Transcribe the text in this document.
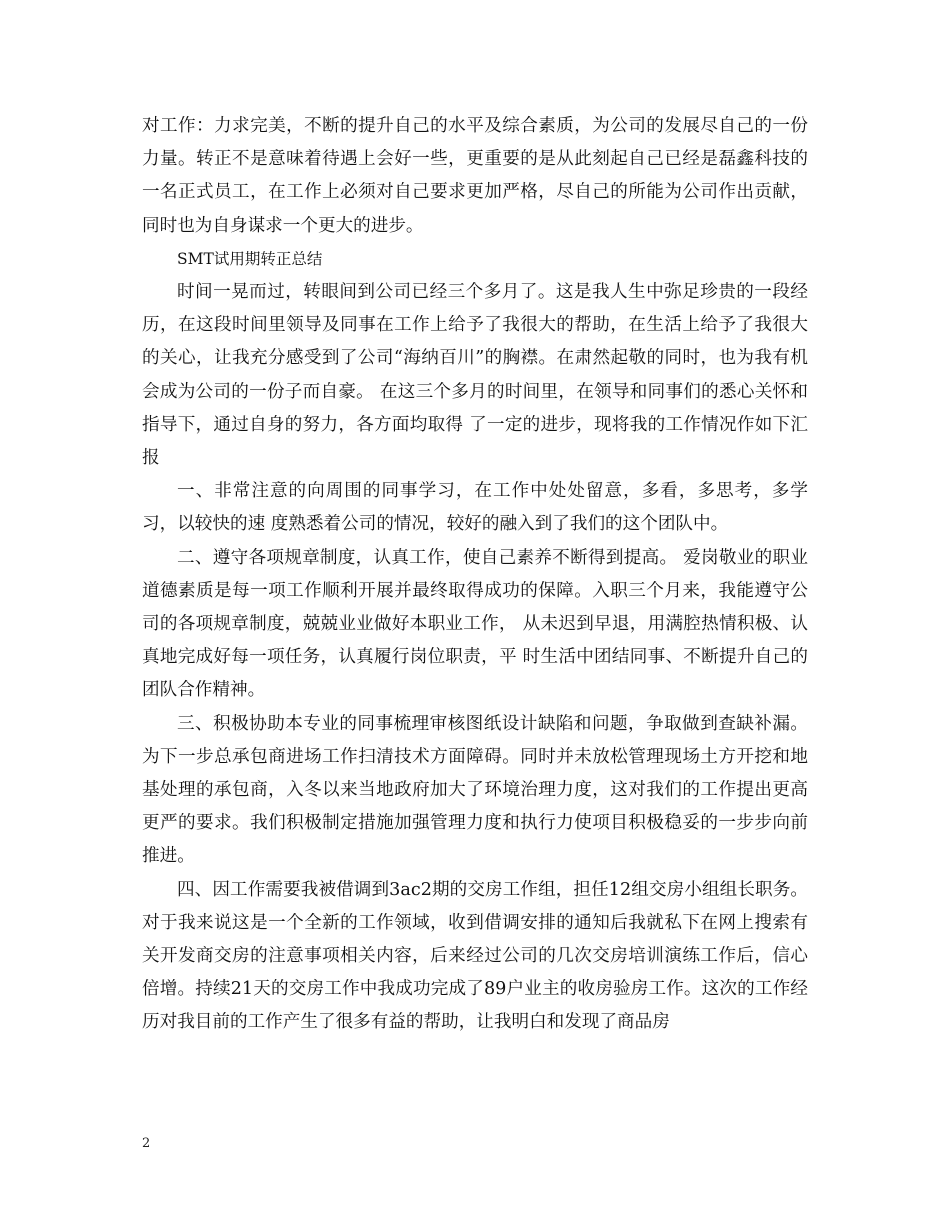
对工作：力求完美，不断的提升自己的水平及综合素质，为公司的发展尽自己的一份力量。转正不是意味着待遇上会好一些，更重要的是从此刻起自己已经是磊鑫科技的一名正式员工，在工作上必须对自己要求更加严格，尽自己的所能为公司作出贡献，同时也为自身谋求一个更大的进步。

SMT试用期转正总结

时间一晃而过，转眼间到公司已经三个多月了。这是我人生中弥足珍贵的一段经历，在这段时间里领导及同事在工作上给予了我很大的帮助，在生活上给予了我很大的关心，让我充分感受到了公司“海纳百川”的胸襟。在肃然起敬的同时，也为我有机会成为公司的一份子而自豪。 在这三个多月的时间里，在领导和同事们的悉心关怀和指导下，通过自身的努力，各方面均取得 了一定的进步，现将我的工作情况作如下汇报

一、非常注意的向周围的同事学习，在工作中处处留意，多看，多思考，多学习，以较快的速 度熟悉着公司的情况，较好的融入到了我们的这个团队中。

二、遵守各项规章制度，认真工作，使自己素养不断得到提高。 爱岗敬业的职业道德素质是每一项工作顺利开展并最终取得成功的保障。入职三个月来，我能遵守公司的各项规章制度，兢兢业业做好本职业工作， 从未迟到早退，用满腔热情积极、认真地完成好每一项任务，认真履行岗位职责，平 时生活中团结同事、不断提升自己的团队合作精神。

三、积极协助本专业的同事梳理审核图纸设计缺陷和问题，争取做到查缺补漏。为下一步总承包商进场工作扫清技术方面障碍。同时并未放松管理现场土方开挖和地基处理的承包商，入冬以来当地政府加大了环境治理力度，这对我们的工作提出更高更严的要求。我们积极制定措施加强管理力度和执行力使项目积极稳妥的一步步向前推进。

四、因工作需要我被借调到3ac2期的交房工作组，担任12组交房小组组长职务。对于我来说这是一个全新的工作领域，收到借调安排的通知后我就私下在网上搜索有关开发商交房的注意事项相关内容，后来经过公司的几次交房培训演练工作后，信心倍增。持续21天的交房工作中我成功完成了89户业主的收房验房工作。这次的工作经历对我目前的工作产生了很多有益的帮助，让我明白和发现了商品房

2
